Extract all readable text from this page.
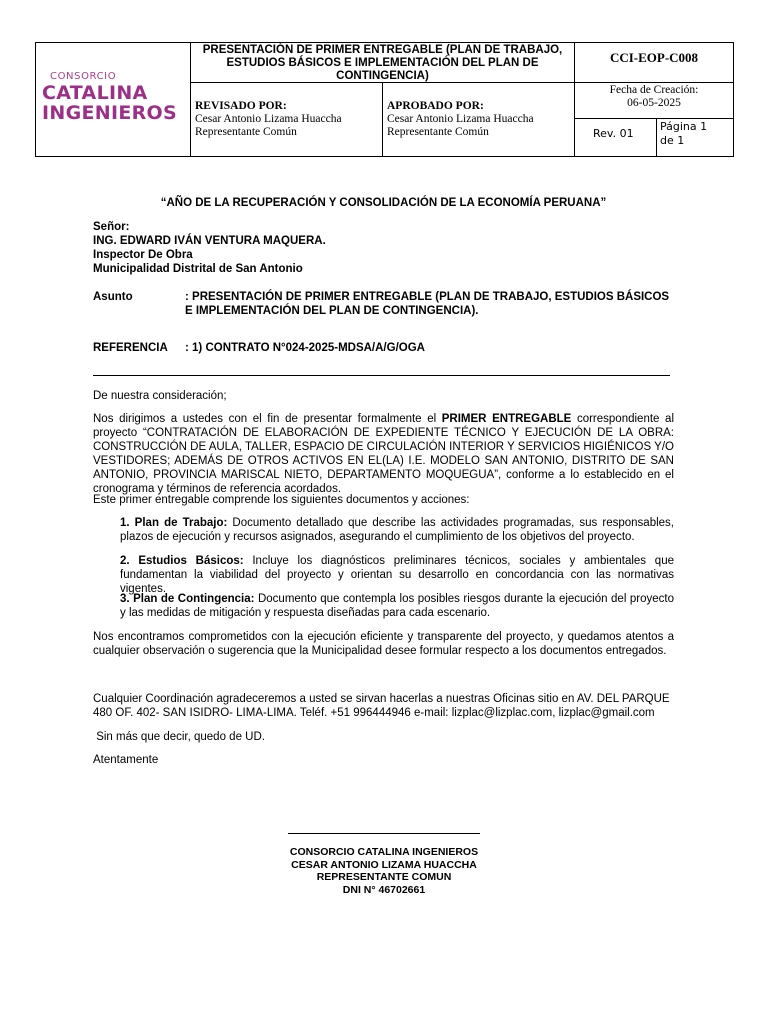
CONSORCIO
CATALINA
INGENIEROS
PRESENTACIÓN DE PRIMER ENTREGABLE (PLAN DE TRABAJO,
ESTUDIOS BÁSICOS E IMPLEMENTACIÓN DEL PLAN DE CONTINGENCIA)
CCI-EOP-C008
REVISADO POR:
Cesar Antonio Lizama Huaccha
Representante Común
APROBADO POR:
Cesar Antonio Lizama Huaccha
Representante Común
Fecha de Creación:
06-05-2025
Rev. 01
Página 1
de 1
“AÑO DE LA RECUPERACIÓN Y CONSOLIDACIÓN DE LA ECONOMÍA PERUANA”
Señor:
ING. EDWARD IVÁN VENTURA MAQUERA.
Inspector De Obra
Municipalidad Distrital de San Antonio
Asunto	: PRESENTACIÓN DE PRIMER ENTREGABLE (PLAN DE TRABAJO, ESTUDIOS BÁSICOS
E IMPLEMENTACIÓN DEL PLAN DE CONTINGENCIA).
REFERENCIA : 1) CONTRATO N°024-2025-MDSA/A/G/OGA
De nuestra consideración;
Nos dirigimos a ustedes con el fin de presentar formalmente el PRIMER ENTREGABLE correspondiente al proyecto “CONTRATACIÓN DE ELABORACIÓN DE EXPEDIENTE TÉCNICO Y EJECUCIÓN DE LA OBRA: CONSTRUCCIÓN DE AULA, TALLER, ESPACIO DE CIRCULACIÓN INTERIOR Y SERVICIOS HIGIÉNICOS Y/O VESTIDORES; ADEMÁS DE OTROS ACTIVOS EN EL(LA) I.E. MODELO SAN ANTONIO, DISTRITO DE SAN ANTONIO, PROVINCIA MARISCAL NIETO, DEPARTAMENTO MOQUEGUA”, conforme a lo establecido en el cronograma y términos de referencia acordados.
Este primer entregable comprende los siguientes documentos y acciones:
1. Plan de Trabajo: Documento detallado que describe las actividades programadas, sus responsables, plazos de ejecución y recursos asignados, asegurando el cumplimiento de los objetivos del proyecto.
2. Estudios Básicos: Incluye los diagnósticos preliminares técnicos, sociales y ambientales que fundamentan la viabilidad del proyecto y orientan su desarrollo en concordancia con las normativas vigentes.
3. Plan de Contingencia: Documento que contempla los posibles riesgos durante la ejecución del proyecto y las medidas de mitigación y respuesta diseñadas para cada escenario.
Nos encontramos comprometidos con la ejecución eficiente y transparente del proyecto, y quedamos atentos a cualquier observación o sugerencia que la Municipalidad desee formular respecto a los documentos entregados.
Cualquier Coordinación agradeceremos a usted se sirvan hacerlas a nuestras Oficinas sitio en AV. DEL PARQUE 480 OF. 402- SAN ISIDRO- LIMA-LIMA. Teléf. +51 996444946 e-mail: lizplac@lizplac.com, lizplac@gmail.com
Sin más que decir, quedo de UD.
Atentamente
CONSORCIO CATALINA INGENIEROS
CESAR ANTONIO LIZAMA HUACCHA
REPRESENTANTE COMUN
DNI N° 46702661
